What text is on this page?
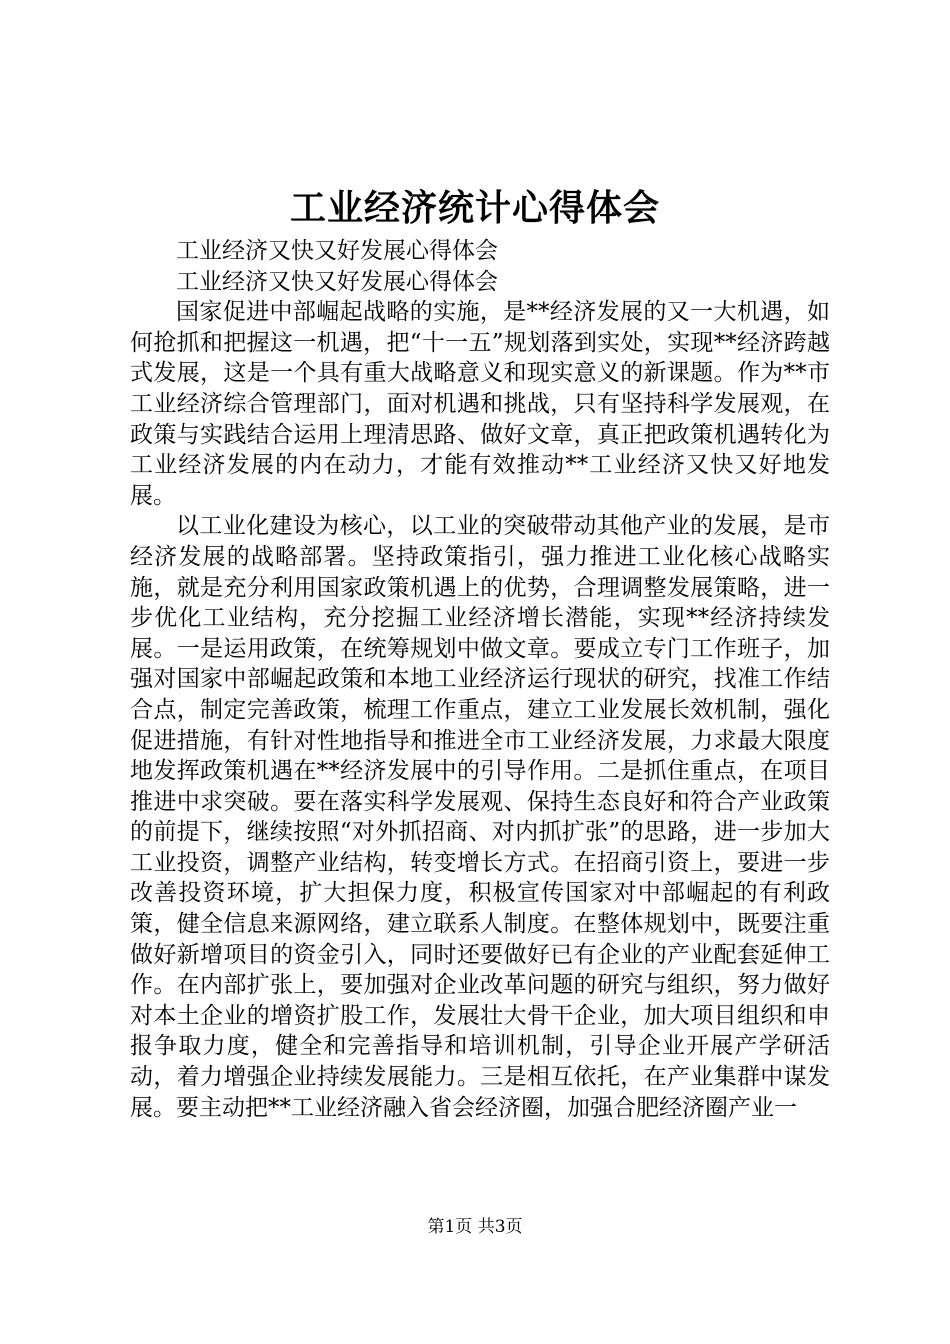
工业经济统计心得体会

工业经济又快又好发展心得体会

工业经济又快又好发展心得体会

国家促进中部崛起战略的实施，是**经济发展的又一大机遇，如何抢抓和把握这一机遇，把“十一五”规划落到实处，实现**经济跨越式发展，这是一个具有重大战略意义和现实意义的新课题。作为**市工业经济综合管理部门，面对机遇和挑战，只有坚持科学发展观，在政策与实践结合运用上理清思路、做好文章，真正把政策机遇转化为工业经济发展的内在动力，才能有效推动**工业经济又快又好地发展。

以工业化建设为核心，以工业的突破带动其他产业的发展，是市经济发展的战略部署。坚持政策指引，强力推进工业化核心战略实施，就是充分利用国家政策机遇上的优势，合理调整发展策略，进一步优化工业结构，充分挖掘工业经济增长潜能，实现**经济持续发展。一是运用政策，在统筹规划中做文章。要成立专门工作班子，加强对国家中部崛起政策和本地工业经济运行现状的研究，找准工作结合点，制定完善政策，梳理工作重点，建立工业发展长效机制，强化促进措施，有针对性地指导和推进全市工业经济发展，力求最大限度地发挥政策机遇在**经济发展中的引导作用。二是抓住重点，在项目推进中求突破。要在落实科学发展观、保持生态良好和符合产业政策的前提下，继续按照“对外抓招商、对内抓扩张”的思路，进一步加大工业投资，调整产业结构，转变增长方式。在招商引资上，要进一步改善投资环境，扩大担保力度，积极宣传国家对中部崛起的有利政策，健全信息来源网络，建立联系人制度。在整体规划中，既要注重做好新增项目的资金引入，同时还要做好已有企业的产业配套延伸工作。在内部扩张上，要加强对企业改革问题的研究与组织，努力做好对本土企业的增资扩股工作，发展壮大骨干企业，加大项目组织和申报争取力度，健全和完善指导和培训机制，引导企业开展产学研活动，着力增强企业持续发展能力。三是相互依托，在产业集群中谋发展。要主动把**工业经济融入省会经济圈，加强合肥经济圈产业一

第1页 共3页
